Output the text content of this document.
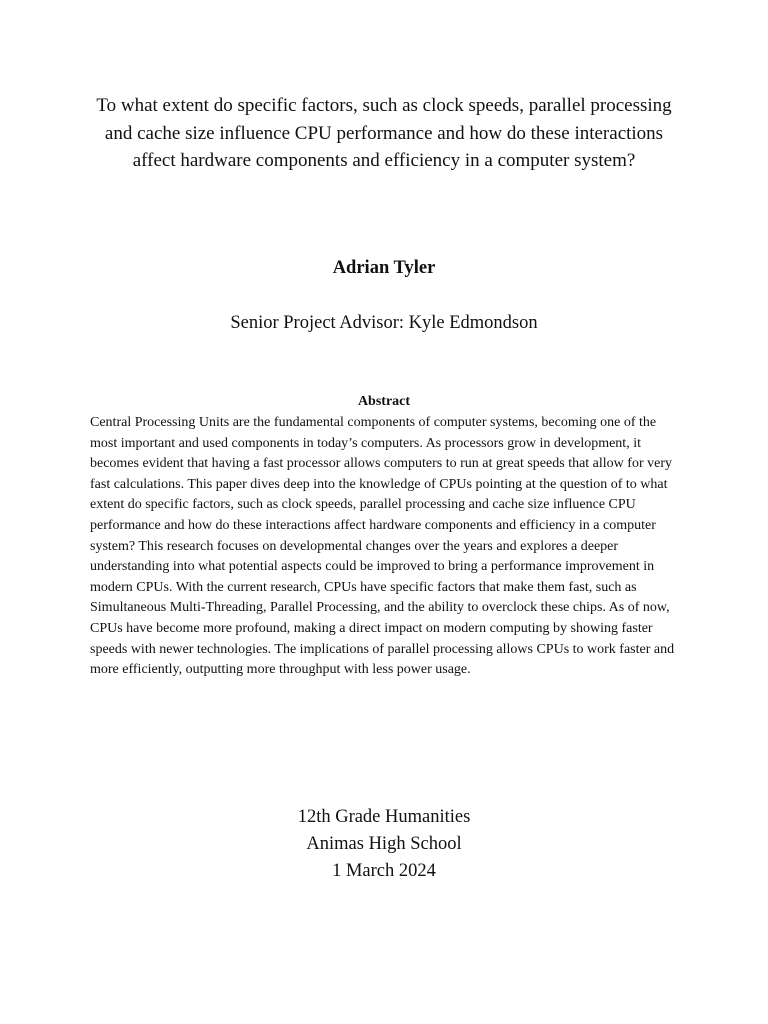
To what extent do specific factors, such as clock speeds, parallel processing and cache size influence CPU performance and how do these interactions affect hardware components and efficiency in a computer system?

Adrian Tyler

Senior Project Advisor: Kyle Edmondson

Abstract

Central Processing Units are the fundamental components of computer systems, becoming one of the most important and used components in today’s computers. As processors grow in development, it becomes evident that having a fast processor allows computers to run at great speeds that allow for very fast calculations. This paper dives deep into the knowledge of CPUs pointing at the question of to what extent do specific factors, such as clock speeds, parallel processing and cache size influence CPU performance and how do these interactions affect hardware components and efficiency in a computer system? This research focuses on developmental changes over the years and explores a deeper understanding into what potential aspects could be improved to bring a performance improvement in modern CPUs. With the current research, CPUs have specific factors that make them fast, such as Simultaneous Multi-Threading, Parallel Processing, and the ability to overclock these chips. As of now, CPUs have become more profound, making a direct impact on modern computing by showing faster speeds with newer technologies. The implications of parallel processing allows CPUs to work faster and more efficiently, outputting more throughput with less power usage.

12th Grade Humanities
Animas High School
1 March 2024
